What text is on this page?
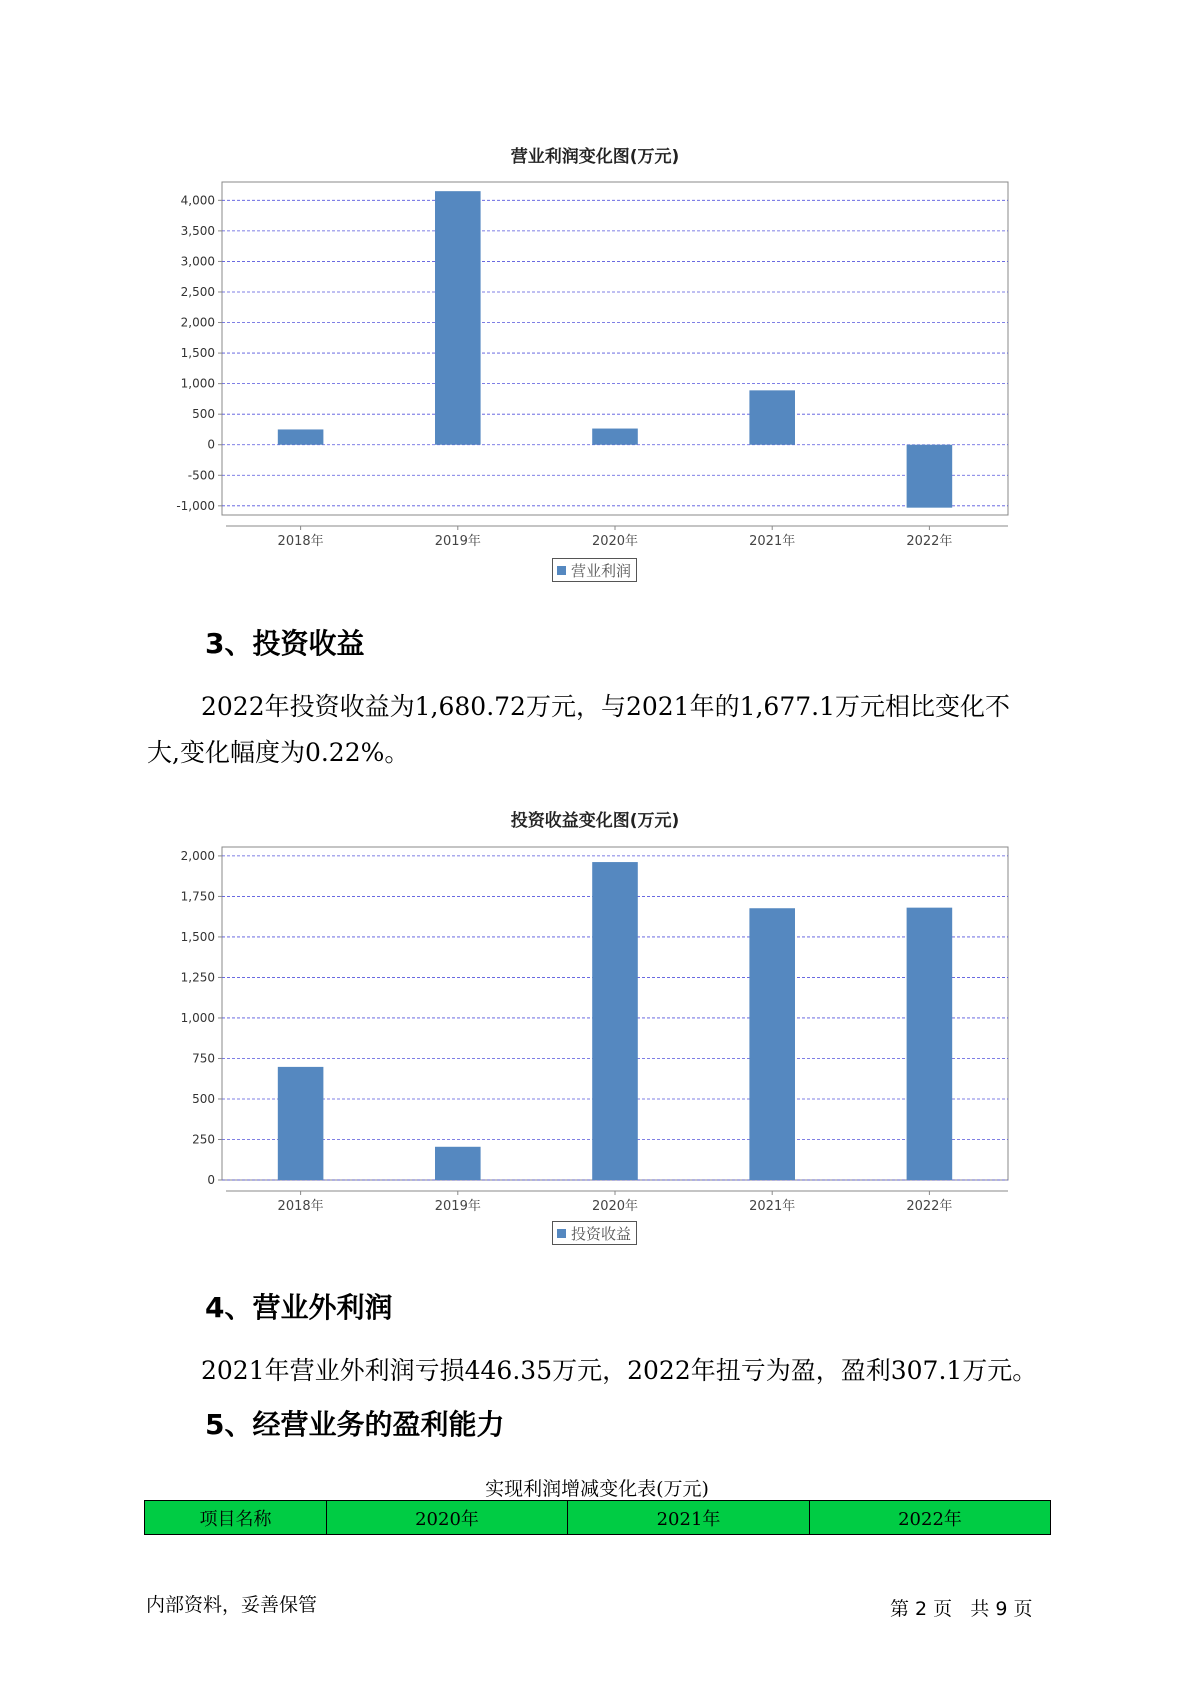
营业利润变化图(万元)
-1,000
-500
0
500
1,000
1,500
2,000
2,500
3,000
3,500
4,000
2018年	2019年	2020年	2021年	2022年
营业利润
3、投资收益
2022年投资收益为1,680.72万元，与2021年的1,677.1万元相比变化不
大,变化幅度为0.22%。
投资收益变化图(万元)
0
250
500
750
1,000
1,250
1,500
1,750
2,000
2018年	2019年	2020年	2021年	2022年
投资收益
4、营业外利润
2021年营业外利润亏损446.35万元，2022年扭亏为盈，盈利307.1万元。
5、经营业务的盈利能力
实现利润增减变化表(万元)
项目名称	2020年	2021年	2022年
内部资料，妥善保管	第 2 页   共 9 页
